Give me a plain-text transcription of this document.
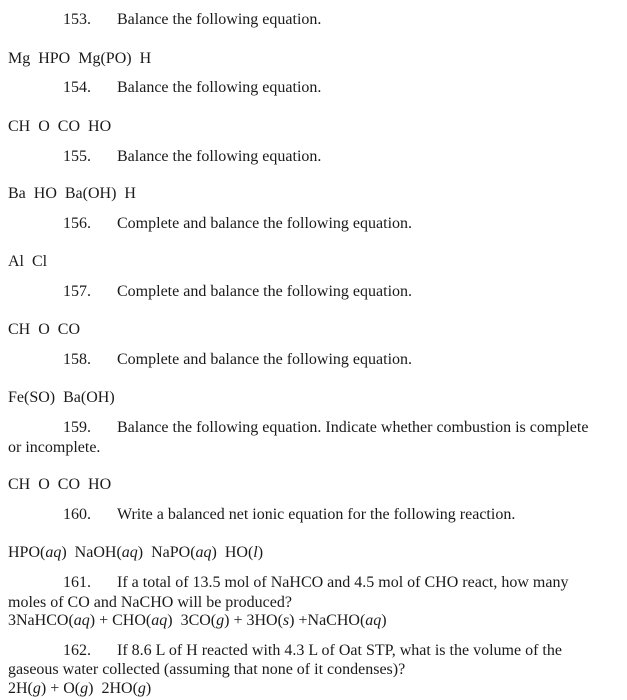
153. Balance the following equation.
Mg  HPO  Mg(PO)  H
154. Balance the following equation.
CH  O  CO  HO
155. Balance the following equation.
Ba  HO  Ba(OH)  H
156. Complete and balance the following equation.
Al  Cl
157. Complete and balance the following equation.
CH  O  CO
158. Complete and balance the following equation.
Fe(SO)  Ba(OH)
159. Balance the following equation. Indicate whether combustion is complete
or incomplete.
CH  O  CO  HO
160. Write a balanced net ionic equation for the following reaction.
HPO(aq)  NaOH(aq)  NaPO(aq)  HO(l)
161. If a total of 13.5 mol of NaHCO and 4.5 mol of CHO react, how many
moles of CO and NaCHO will be produced?
3NaHCO(aq) + CHO(aq)  3CO(g) + 3HO(s) +NaCHO(aq)
162. If 8.6 L of H reacted with 4.3 L of Oat STP, what is the volume of the
gaseous water collected (assuming that none of it condenses)?
2H(g) + O(g)  2HO(g)
